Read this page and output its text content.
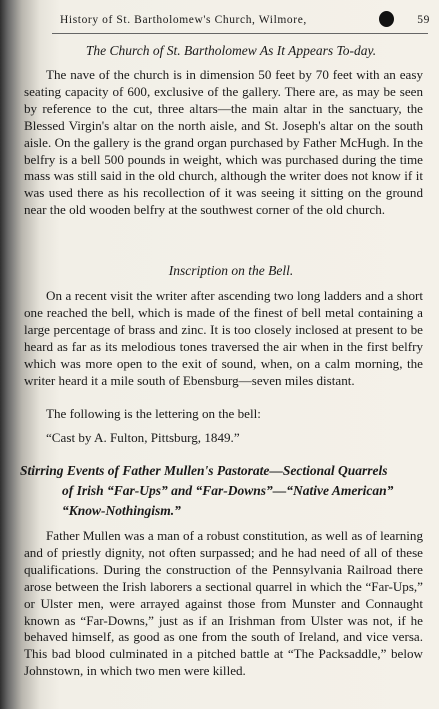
History of St. Bartholomew's Church, Wilmore,	59
The Church of St. Bartholomew As It Appears To-day.

The nave of the church is in dimension 50 feet by 70 feet with an easy seating capacity of 600, exclusive of the gallery. There are, as may be seen by reference to the cut, three altars—the main altar in the sanctuary, the Blessed Virgin's altar on the north aisle, and St. Joseph's altar on the south aisle. On the gallery is the grand organ purchased by Father McHugh. In the belfry is a bell 500 pounds in weight, which was purchased during the time mass was still said in the old church, although the writer does not know if it was used there as his recollection of it was seeing it sitting on the ground near the old wooden belfry at the southwest corner of the old church.

Inscription on the Bell.

On a recent visit the writer after ascending two long ladders and a short one reached the bell, which is made of the finest of bell metal containing a large percentage of brass and zinc. It is too closely inclosed at present to be heard as far as its melodious tones traversed the air when in the first belfry which was more open to the exit of sound, when, on a calm morning, the writer heard it a mile south of Ebensburg—seven miles distant.

The following is the lettering on the bell:

“Cast by A. Fulton, Pittsburg, 1849.”

Stirring Events of Father Mullen's Pastorate—Sectional Quarrels
of Irish “Far-Ups” and “Far-Downs”—“Native American”
“Know-Nothingism.”

Father Mullen was a man of a robust constitution, as well as of learning and of priestly dignity, not often surpassed; and he had need of all of these qualifications. During the construction of the Pennsylvania Railroad there arose between the Irish laborers a sectional quarrel in which the “Far-Ups,” or Ulster men, were arrayed against those from Munster and Connaught known as “Far-Downs,” just as if an Irishman from Ulster was not, if he behaved himself, as good as one from the south of Ireland, and vice versa. This bad blood culminated in a pitched battle at “The Packsaddle,” below Johnstown, in which two men were killed.
